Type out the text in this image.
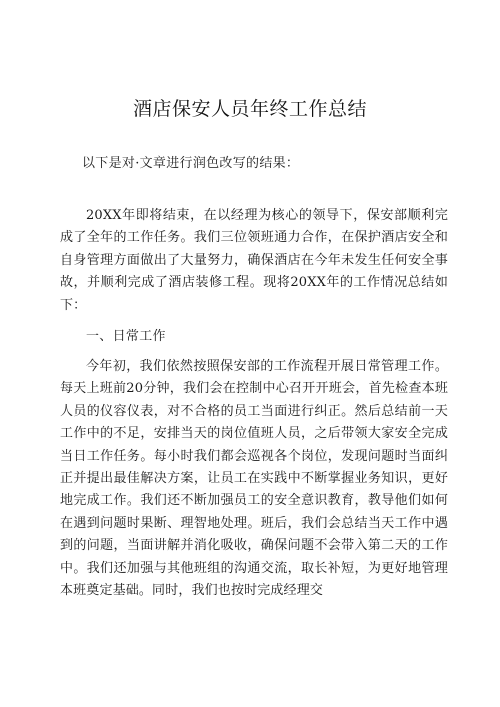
酒店保安人员年终工作总结
以下是对·文章进行润色改写的结果：
20XX年即将结束，在以经理为核心的领导下，保安部顺利完成了全年的工作任务。我们三位领班通力合作，在保护酒店安全和自身管理方面做出了大量努力，确保酒店在今年未发生任何安全事故，并顺利完成了酒店装修工程。现将20XX年的工作情况总结如下：
一、日常工作
今年初，我们依然按照保安部的工作流程开展日常管理工作。每天上班前20分钟，我们会在控制中心召开开班会，首先检查本班人员的仪容仪表，对不合格的员工当面进行纠正。然后总结前一天工作中的不足，安排当天的岗位值班人员，之后带领大家安全完成当日工作任务。每小时我们都会巡视各个岗位，发现问题时当面纠正并提出最佳解决方案，让员工在实践中不断掌握业务知识，更好地完成工作。我们还不断加强员工的安全意识教育，教导他们如何在遇到问题时果断、理智地处理。班后，我们会总结当天工作中遇到的问题，当面讲解并消化吸收，确保问题不会带入第二天的工作中。我们还加强与其他班组的沟通交流，取长补短，为更好地管理本班奠定基础。同时，我们也按时完成经理交
